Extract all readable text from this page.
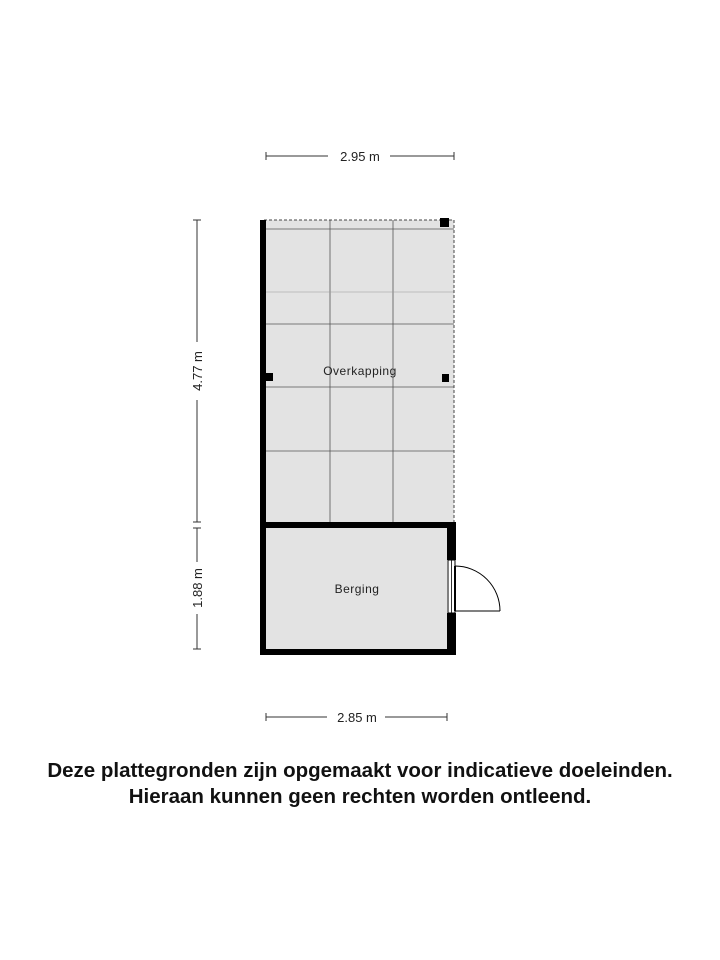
2.95 m
2.85 m
4.77 m
1.88 m
Overkapping
Berging
Deze plattegronden zijn opgemaakt voor indicatieve doeleinden.
Hieraan kunnen geen rechten worden ontleend.
